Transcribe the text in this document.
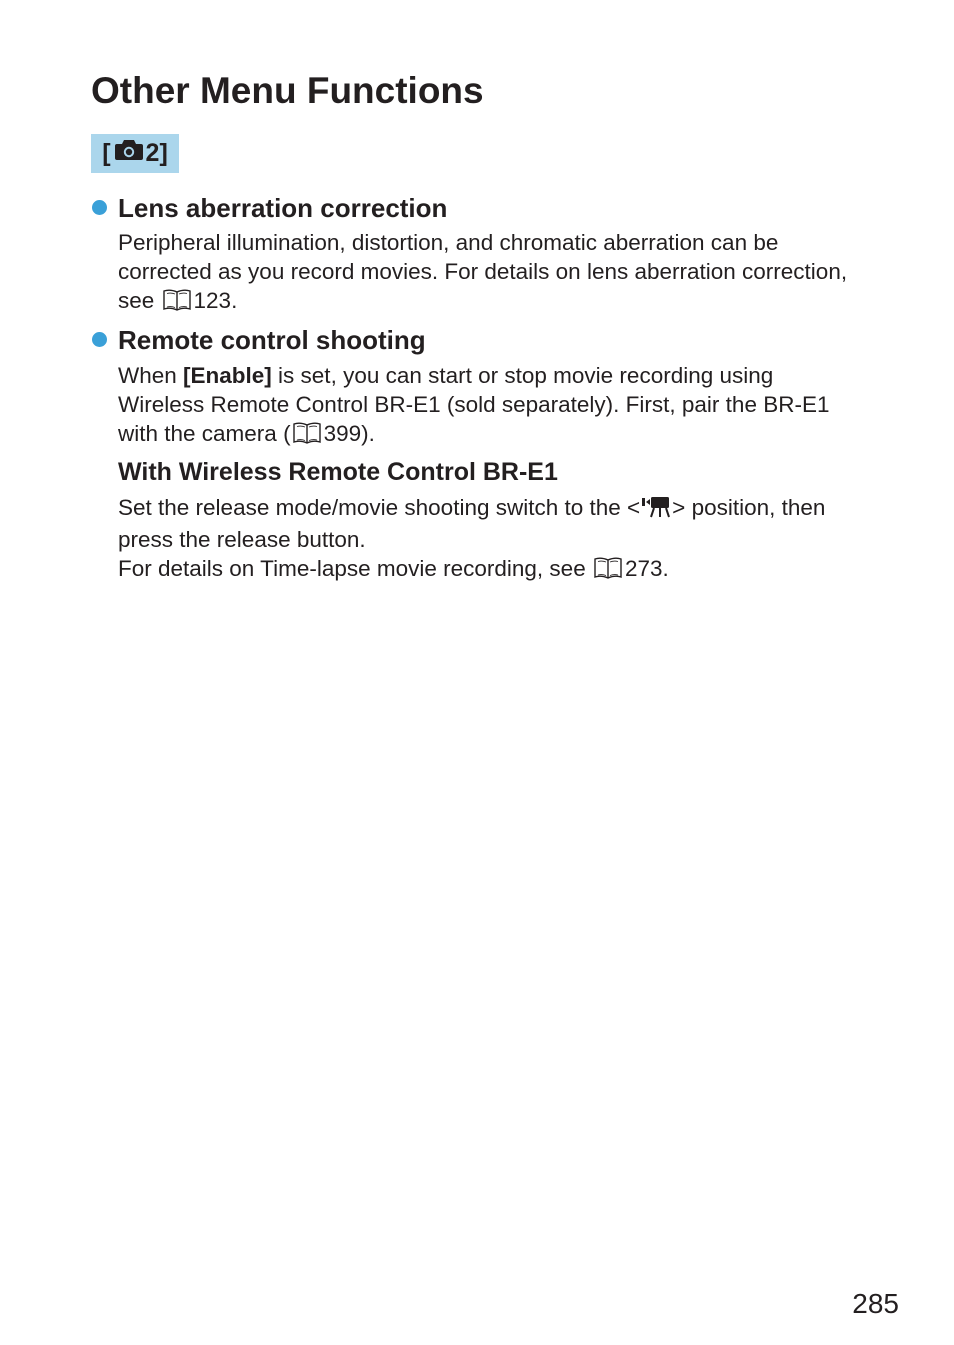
Other Menu Functions
[ 2 ]
Lens aberration correction

Peripheral illumination, distortion, and chromatic aberration can be
corrected as you record movies. For details on lens aberration correction,
see 123.

Remote control shooting

When [Enable] is set, you can start or stop movie recording using
Wireless Remote Control BR-E1 (sold separately). First, pair the BR-E1
with the camera ( 399).

With Wireless Remote Control BR-E1

Set the release mode/movie shooting switch to the < > position, then
press the release button.
For details on Time-lapse movie recording, see 273.

285
